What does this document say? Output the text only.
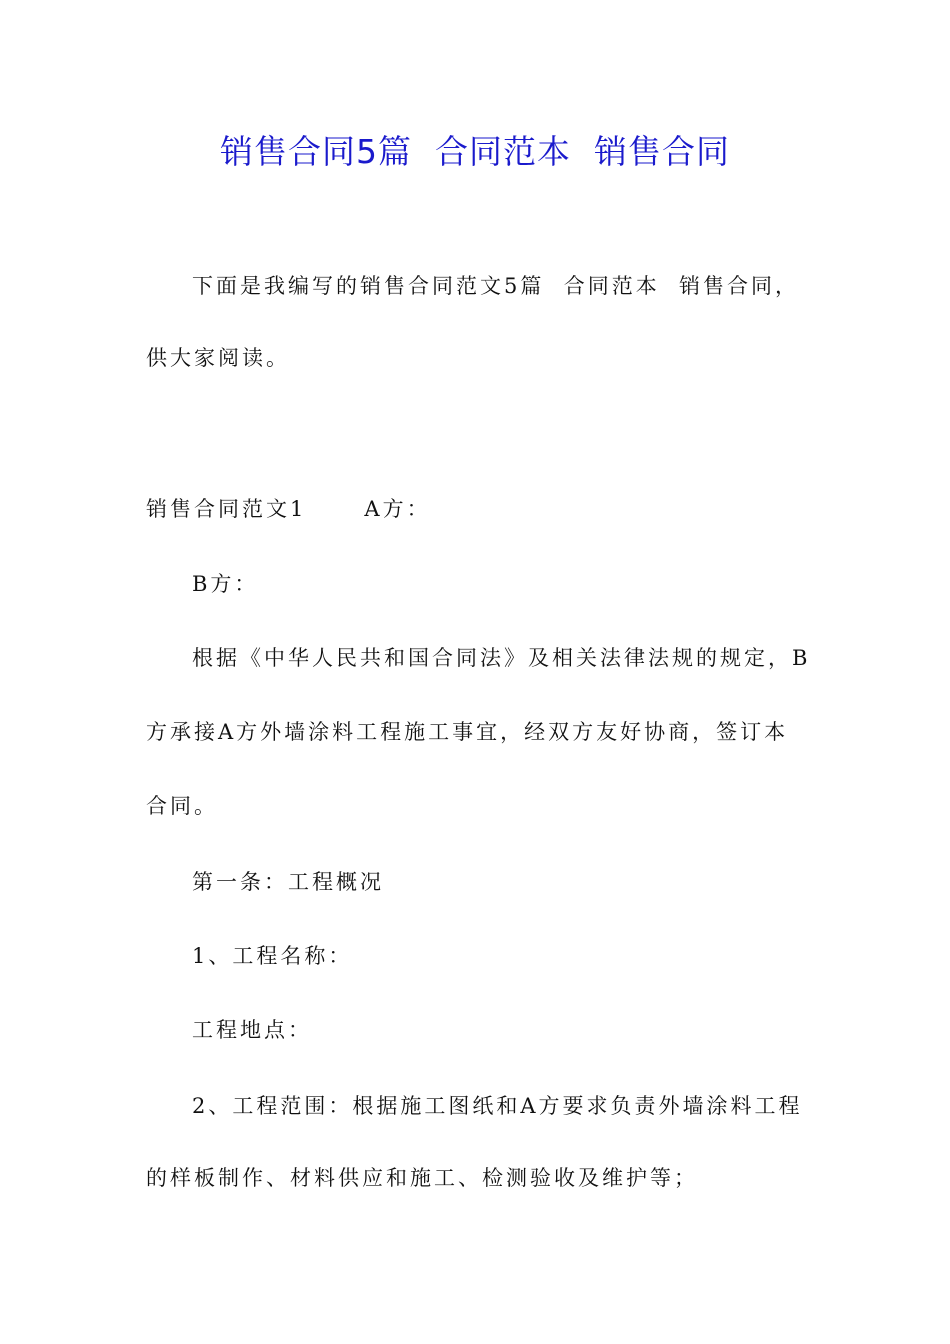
销售合同5篇  合同范本  销售合同
下面是我编写的销售合同范文5篇  合同范本  销售合同，
供大家阅读。
销售合同范文1      A方：
B方：
根据《中华人民共和国合同法》及相关法律法规的规定，B
方承接A方外墙涂料工程施工事宜，经双方友好协商，签订本
合同。
第一条：工程概况
1、工程名称：
工程地点：
2、工程范围：根据施工图纸和A方要求负责外墙涂料工程
的样板制作、材料供应和施工、检测验收及维护等；
